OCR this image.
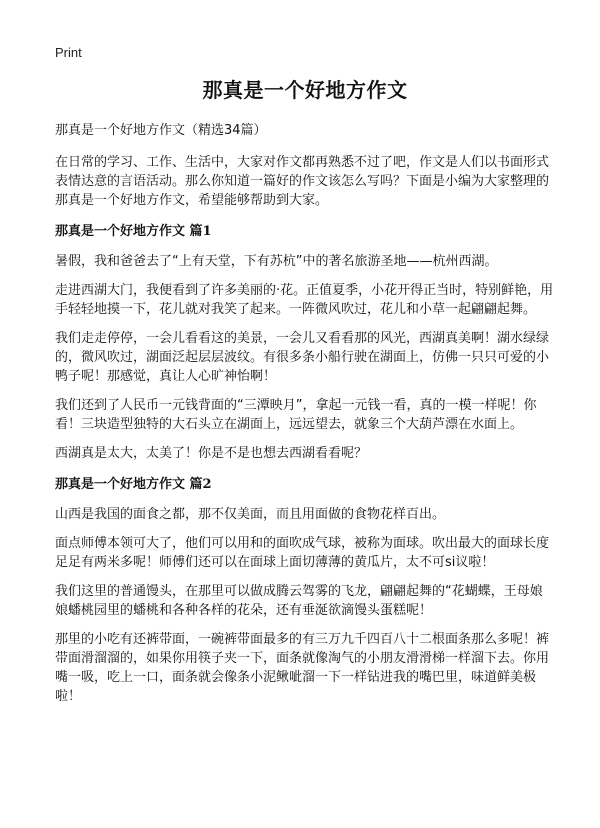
Print
那真是一个好地方作文
那真是一个好地方作文（精选34篇）

在日常的学习、工作、生活中，大家对作文都再熟悉不过了吧，作文是人们以书面形式表情达意的言语活动。那么你知道一篇好的作文该怎么写吗？下面是小编为大家整理的那真是一个好地方作文，希望能够帮助到大家。

那真是一个好地方作文 篇1

暑假，我和爸爸去了“上有天堂，下有苏杭”中的著名旅游圣地——杭州西湖。

走进西湖大门，我便看到了许多美丽的·花。正值夏季，小花开得正当时，特别鲜艳，用手轻轻地摸一下，花儿就对我笑了起来。一阵微风吹过，花儿和小草一起翩翩起舞。

我们走走停停，一会儿看看这的美景，一会儿又看看那的风光，西湖真美啊！湖水绿绿的，微风吹过，湖面泛起层层波纹。有很多条小船行驶在湖面上，仿佛一只只可爱的小鸭子呢！那感觉，真让人心旷神怡啊！

我们还到了人民币一元钱背面的“三潭映月”，拿起一元钱一看，真的一模一样呢！你看！三块造型独特的大石头立在湖面上，远远望去，就象三个大葫芦漂在水面上。

西湖真是太大，太美了！你是不是也想去西湖看看呢？

那真是一个好地方作文 篇2

山西是我国的面食之都，那不仅美面，而且用面做的食物花样百出。

面点师傅本领可大了，他们可以用和的面吹成气球，被称为面球。吹出最大的面球长度足足有两米多呢！师傅们还可以在面球上面切薄薄的黄瓜片，太不可si议啦！

我们这里的普通馒头，在那里可以做成腾云驾雾的飞龙，翩翩起舞的“花蝴蝶，王母娘娘蟠桃园里的蟠桃和各种各样的花朵，还有垂涎欲滴馒头蛋糕呢！

那里的小吃有还裤带面，一碗裤带面最多的有三万九千四百八十二根面条那么多呢！裤带面滑溜溜的，如果你用筷子夹一下，面条就像淘气的小朋友滑滑梯一样溜下去。你用嘴一吸，吃上一口，面条就会像条小泥鳅呲溜一下一样钻进我的嘴巴里，味道鲜美极啦！
